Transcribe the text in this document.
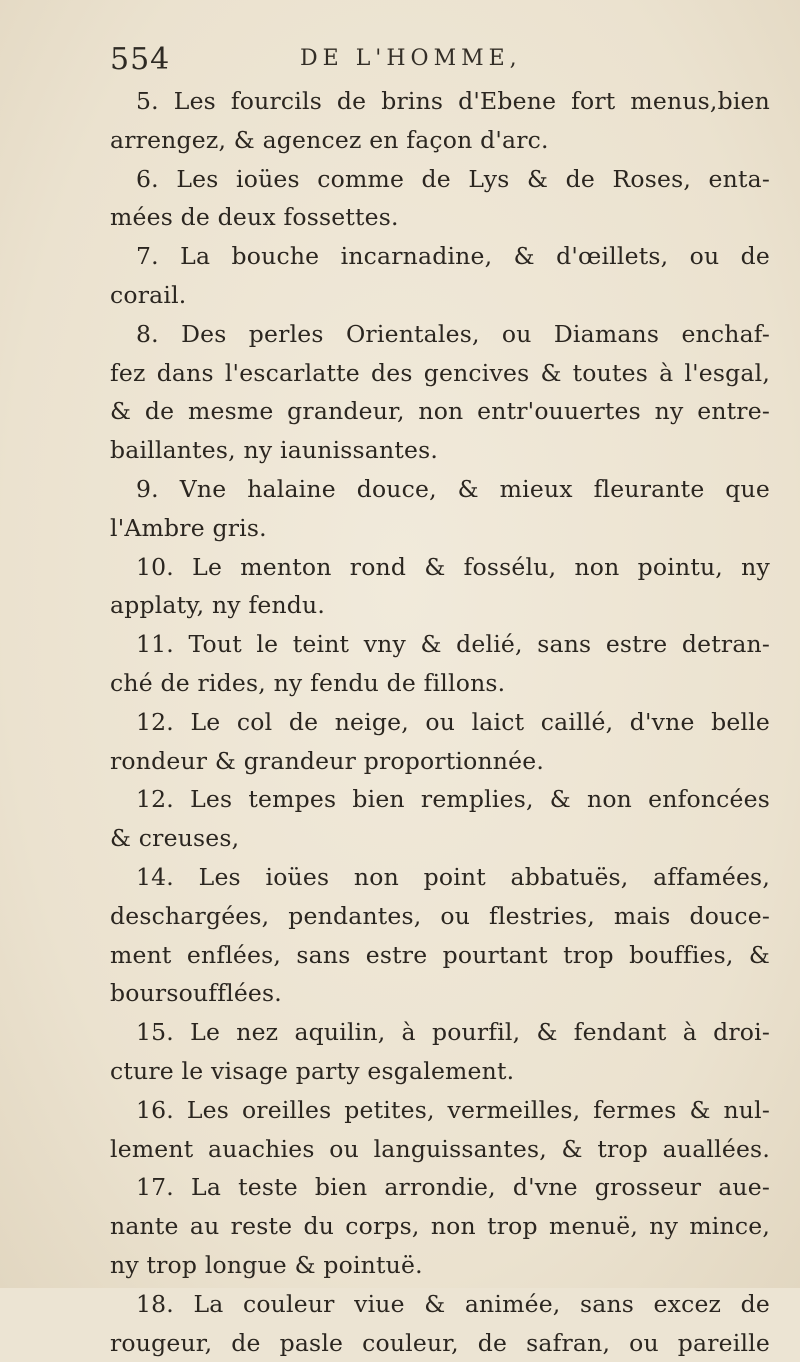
554	DE L'HOMME,
5. Les fourcils de brins d'Ebene fort menus,bien
arrengez, & agencez en façon d'arc.
6. Les ioües comme de Lys & de Roses, enta-
mées de deux fossettes.
7. La bouche incarnadine, & d'œillets, ou de
corail.
8. Des perles Orientales, ou Diamans enchaf-
fez dans l'escarlatte des gencives & toutes à l'esgal,
& de mesme grandeur, non entr'ouuertes ny entre-
baillantes, ny iaunissantes.
9. Vne halaine douce, & mieux fleurante que
l'Ambre gris.
10. Le menton rond & fossélu, non pointu, ny
applaty, ny fendu.
11. Tout le teint vny & delié, sans estre detran-
ché de rides, ny fendu de fillons.
12. Le col de neige, ou laict caillé, d'vne belle
rondeur & grandeur proportionnée.
12. Les tempes bien remplies, & non enfoncées
& creuses,
14. Les ioües non point abbatuës, affamées,
deschargées, pendantes, ou flestries, mais douce-
ment enflées, sans estre pourtant trop bouffies, &
boursoufflées.
15. Le nez aquilin, à pourfil, & fendant à droi-
cture le visage party esgalement.
16. Les oreilles petites, vermeilles, fermes & nul-
lement auachies ou languissantes, & trop auallées.
17. La teste bien arrondie, d'vne grosseur aue-
nante au reste du corps, non trop menuë, ny mince,
ny trop longue & pointuë.
18. La couleur viue & animée, sans excez de
rougeur, de pasle couleur, de safran, ou pareille
